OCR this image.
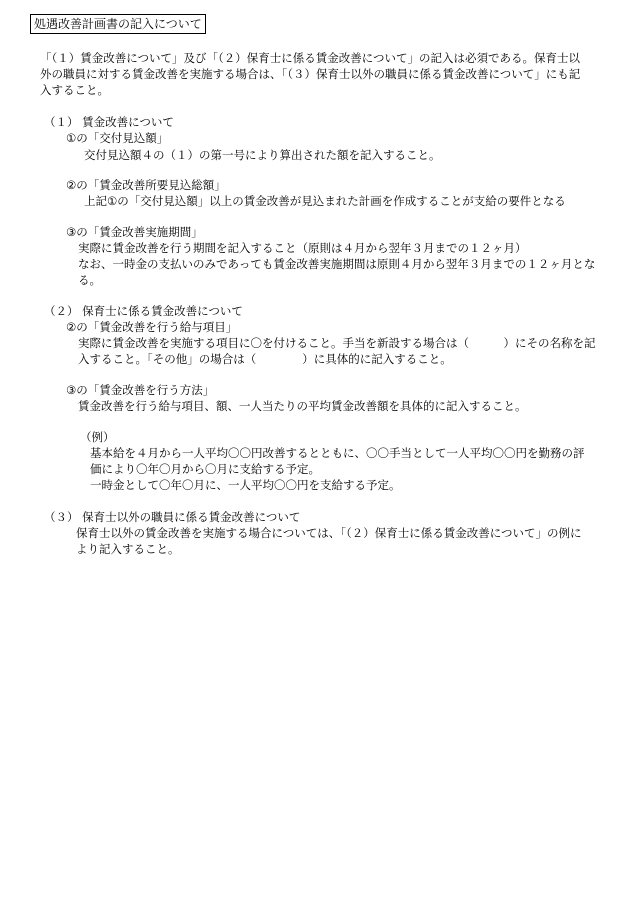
処遇改善計画書の記入について
「（１）賃金改善について」及び「（２）保育士に係る賃金改善について」の記入は必須である。保育士以
外の職員に対する賃金改善を実施する場合は、「（３）保育士以外の職員に係る賃金改善について」にも記
入すること。
（１） 賃金改善について
①の「交付見込額」
交付見込額４の（１）の第一号により算出された額を記入すること。
②の「賃金改善所要見込総額」
上記①の「交付見込額」以上の賃金改善が見込まれた計画を作成することが支給の要件となる
③の「賃金改善実施期間」
実際に賃金改善を行う期間を記入すること（原則は４月から翌年３月までの１２ヶ月）
なお、一時金の支払いのみであっても賃金改善実施期間は原則４月から翌年３月までの１２ヶ月とな
る。
（２） 保育士に係る賃金改善について
②の「賃金改善を行う給与項目」
実際に賃金改善を実施する項目に〇を付けること。手当を新設する場合は（　　　）にその名称を記
入すること。「その他」の場合は（　　　　）に具体的に記入すること。
③の「賃金改善を行う方法」
賃金改善を行う給与項目、額、一人当たりの平均賃金改善額を具体的に記入すること。
（例）
基本給を４月から一人平均〇〇円改善するとともに、〇〇手当として一人平均〇〇円を勤務の評
価により〇年〇月から〇月に支給する予定。
一時金として〇年〇月に、一人平均〇〇円を支給する予定。
（３） 保育士以外の職員に係る賃金改善について
保育士以外の賃金改善を実施する場合については、「（２）保育士に係る賃金改善について」の例に
より記入すること。
